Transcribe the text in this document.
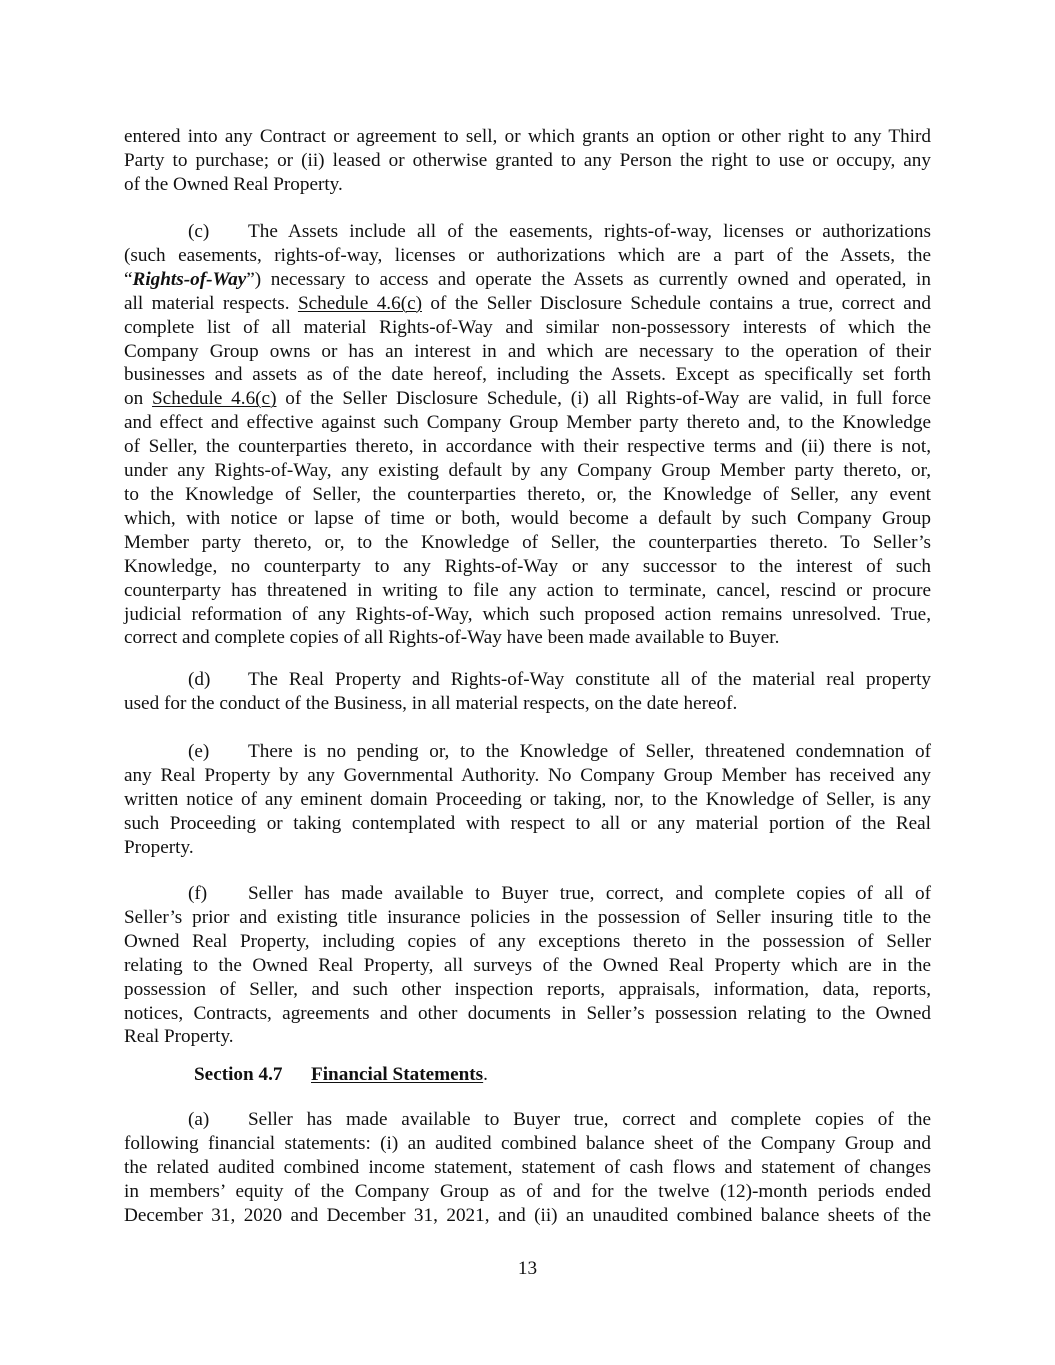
entered into any Contract or agreement to sell, or which grants an option or other right to any Third
Party to purchase; or (ii) leased or otherwise granted to any Person the right to use or occupy, any
of the Owned Real Property.
(c) The Assets include all of the easements, rights-of-way, licenses or authorizations
(such easements, rights-of-way, licenses or authorizations which are a part of the Assets, the
“Rights-of-Way”) necessary to access and operate the Assets as currently owned and operated, in
all material respects. Schedule 4.6(c) of the Seller Disclosure Schedule contains a true, correct and
complete list of all material Rights-of-Way and similar non-possessory interests of which the
Company Group owns or has an interest in and which are necessary to the operation of their
businesses and assets as of the date hereof, including the Assets. Except as specifically set forth
on Schedule 4.6(c) of the Seller Disclosure Schedule, (i) all Rights-of-Way are valid, in full force
and effect and effective against such Company Group Member party thereto and, to the Knowledge
of Seller, the counterparties thereto, in accordance with their respective terms and (ii) there is not,
under any Rights-of-Way, any existing default by any Company Group Member party thereto, or,
to the Knowledge of Seller, the counterparties thereto, or, the Knowledge of Seller, any event
which, with notice or lapse of time or both, would become a default by such Company Group
Member party thereto, or, to the Knowledge of Seller, the counterparties thereto. To Seller’s
Knowledge, no counterparty to any Rights-of-Way or any successor to the interest of such
counterparty has threatened in writing to file any action to terminate, cancel, rescind or procure
judicial reformation of any Rights-of-Way, which such proposed action remains unresolved. True,
correct and complete copies of all Rights-of-Way have been made available to Buyer.
(d) The Real Property and Rights-of-Way constitute all of the material real property
used for the conduct of the Business, in all material respects, on the date hereof.
(e) There is no pending or, to the Knowledge of Seller, threatened condemnation of
any Real Property by any Governmental Authority. No Company Group Member has received any
written notice of any eminent domain Proceeding or taking, nor, to the Knowledge of Seller, is any
such Proceeding or taking contemplated with respect to all or any material portion of the Real
Property.
(f) Seller has made available to Buyer true, correct, and complete copies of all of
Seller’s prior and existing title insurance policies in the possession of Seller insuring title to the
Owned Real Property, including copies of any exceptions thereto in the possession of Seller
relating to the Owned Real Property, all surveys of the Owned Real Property which are in the
possession of Seller, and such other inspection reports, appraisals, information, data, reports,
notices, Contracts, agreements and other documents in Seller’s possession relating to the Owned
Real Property.
Section 4.7 Financial Statements.
(a) Seller has made available to Buyer true, correct and complete copies of the
following financial statements: (i) an audited combined balance sheet of the Company Group and
the related audited combined income statement, statement of cash flows and statement of changes
in members’ equity of the Company Group as of and for the twelve (12)-month periods ended
December 31, 2020 and December 31, 2021, and (ii) an unaudited combined balance sheets of the
13
